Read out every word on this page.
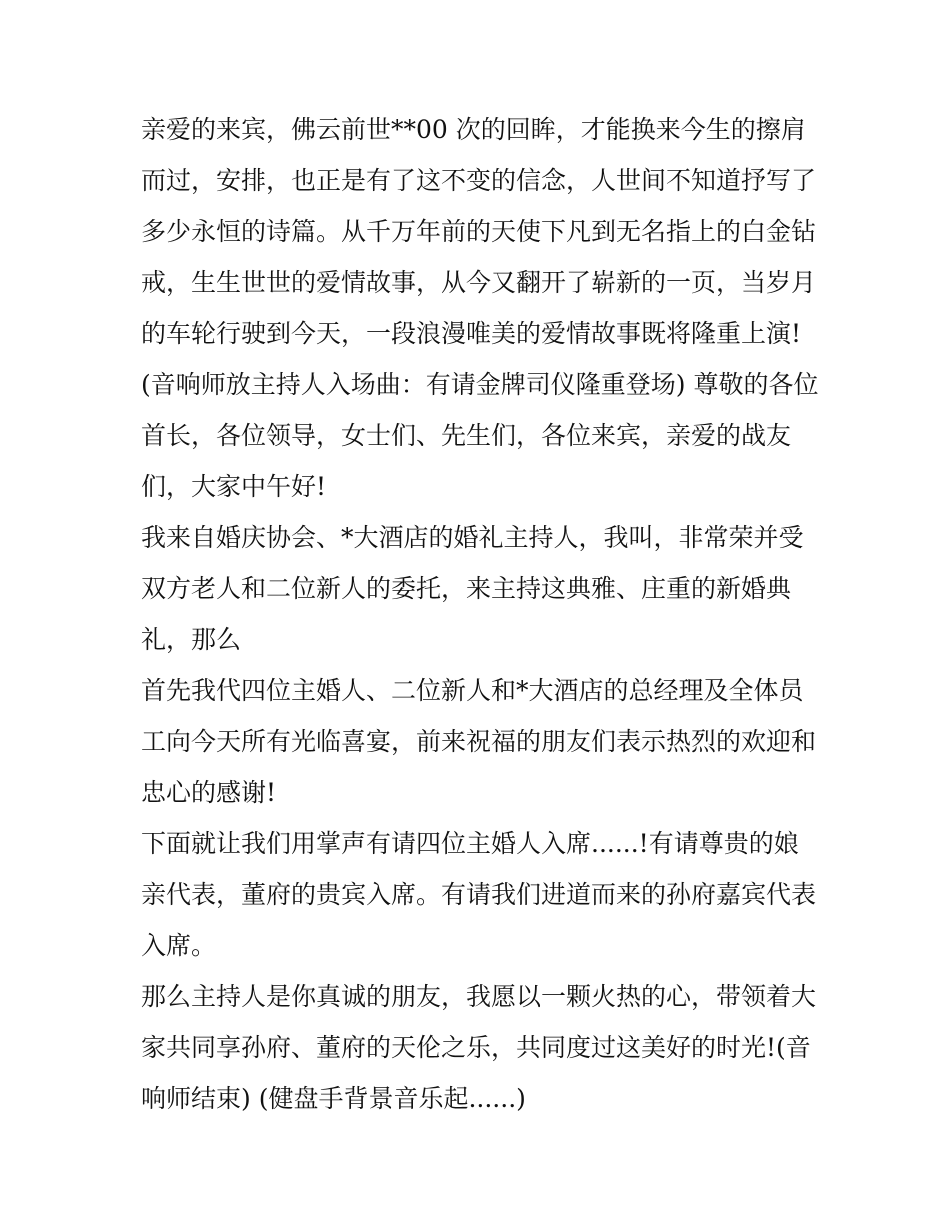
亲爱的来宾，佛云前世**00 次的回眸，才能换来今生的擦肩
而过，安排，也正是有了这不变的信念，人世间不知道抒写了
多少永恒的诗篇。从千万年前的天使下凡到无名指上的白金钻
戒，生生世世的爱情故事，从今又翻开了崭新的一页，当岁月
的车轮行驶到今天，一段浪漫唯美的爱情故事既将隆重上演!
(音响师放主持人入场曲：有请金牌司仪隆重登场) 尊敬的各位
首长，各位领导，女士们、先生们，各位来宾，亲爱的战友
们，大家中午好!
我来自婚庆协会、*大酒店的婚礼主持人，我叫，非常荣并受
双方老人和二位新人的委托，来主持这典雅、庄重的新婚典
礼，那么
首先我代四位主婚人、二位新人和*大酒店的总经理及全体员
工向今天所有光临喜宴，前来祝福的朋友们表示热烈的欢迎和
忠心的感谢!
下面就让我们用掌声有请四位主婚人入席......!有请尊贵的娘
亲代表，董府的贵宾入席。有请我们进道而来的孙府嘉宾代表
入席。
那么主持人是你真诚的朋友，我愿以一颗火热的心，带领着大
家共同享孙府、董府的天伦之乐，共同度过这美好的时光!(音
响师结束) (健盘手背景音乐起......)
